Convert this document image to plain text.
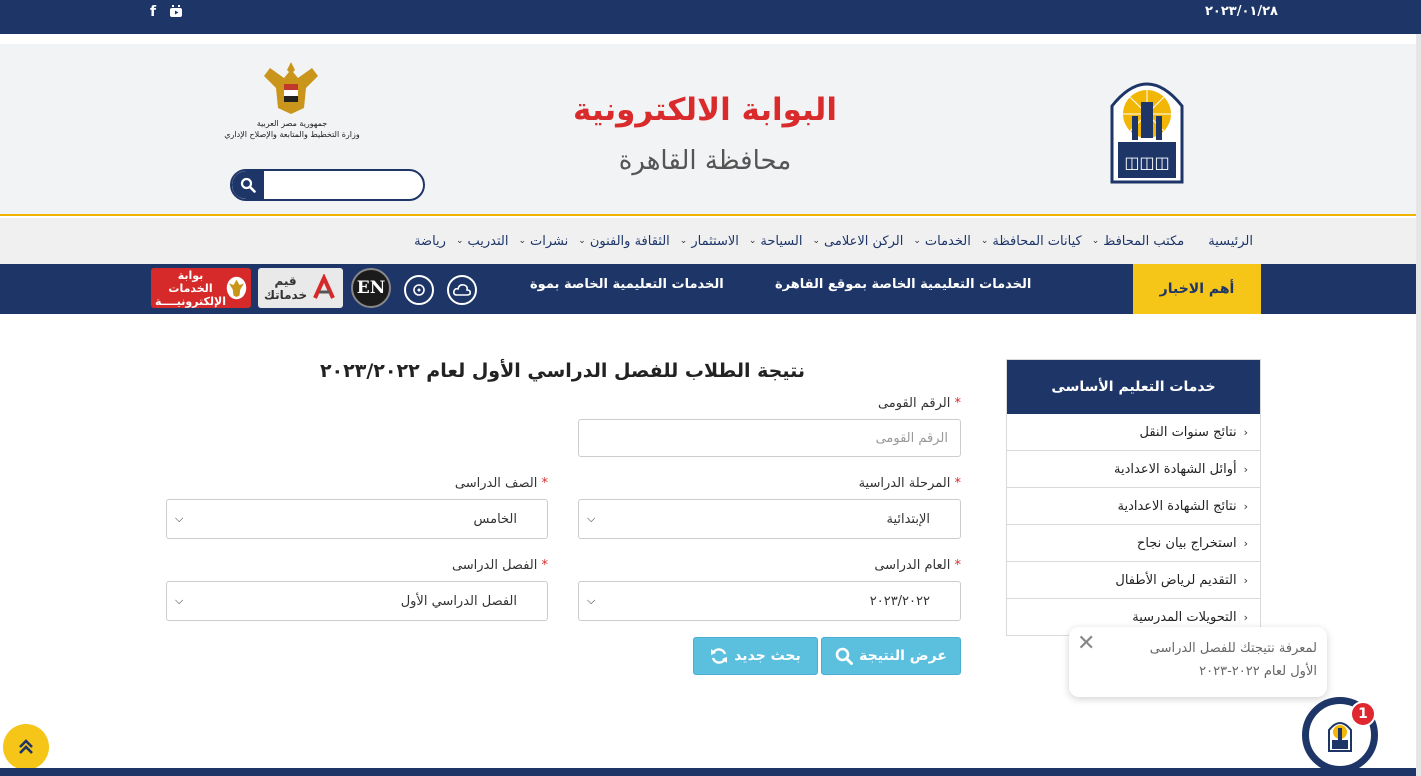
٢٠٢٣/٠١/٢٨
f
◫◫◫
البوابة الالكترونية
محافظة القاهرة
جمهورية مصر العربية
وزارة التخطيط والمتابعة والإصلاح الإداري
الرئيسية
مكتب المحافظ
⌄
كيانات المحافظة
⌄
الخدمات
⌄
الركن الاعلامى
⌄
السياحة
⌄
الاستثمار
⌄
الثقافة والفنون
⌄
نشرات
⌄
التدريب
⌄
رياضة
أهم الاخبار
الخدمات التعليمية الخاصة بموقع القاهرة
الخدمات التعليمية الخاصة بموة
EN
قيم
خدماتك
بوابة الخدمات
الإلكترونيــــة
خدمات التعليم الأساسى
›
نتائج سنوات النقل
›
أوائل الشهادة الاعدادية
›
نتائج الشهادة الاعدادية
›
استخراج بيان نجاح
›
التقديم لرياض الأطفال
›
التحويلات المدرسية
نتيجة الطلاب للفصل الدراسي الأول لعام ٢٠٢٣/٢٠٢٢
* الرقم القومى
الرقم القومى
* المرحلة الدراسية
⌵	الإبتدائية
* الصف الدراسى
⌵	الخامس
* العام الدراسى
⌵	٢٠٢٣/٢٠٢٢
* الفصل الدراسى
⌵	الفصل الدراسي الأول
عرض النتيجة
بحث جديد	✕	لمعرفة نتيجتك للفصل الدراسى
الأول لعام ٢٠٢٢-٢٠٢٣
1
